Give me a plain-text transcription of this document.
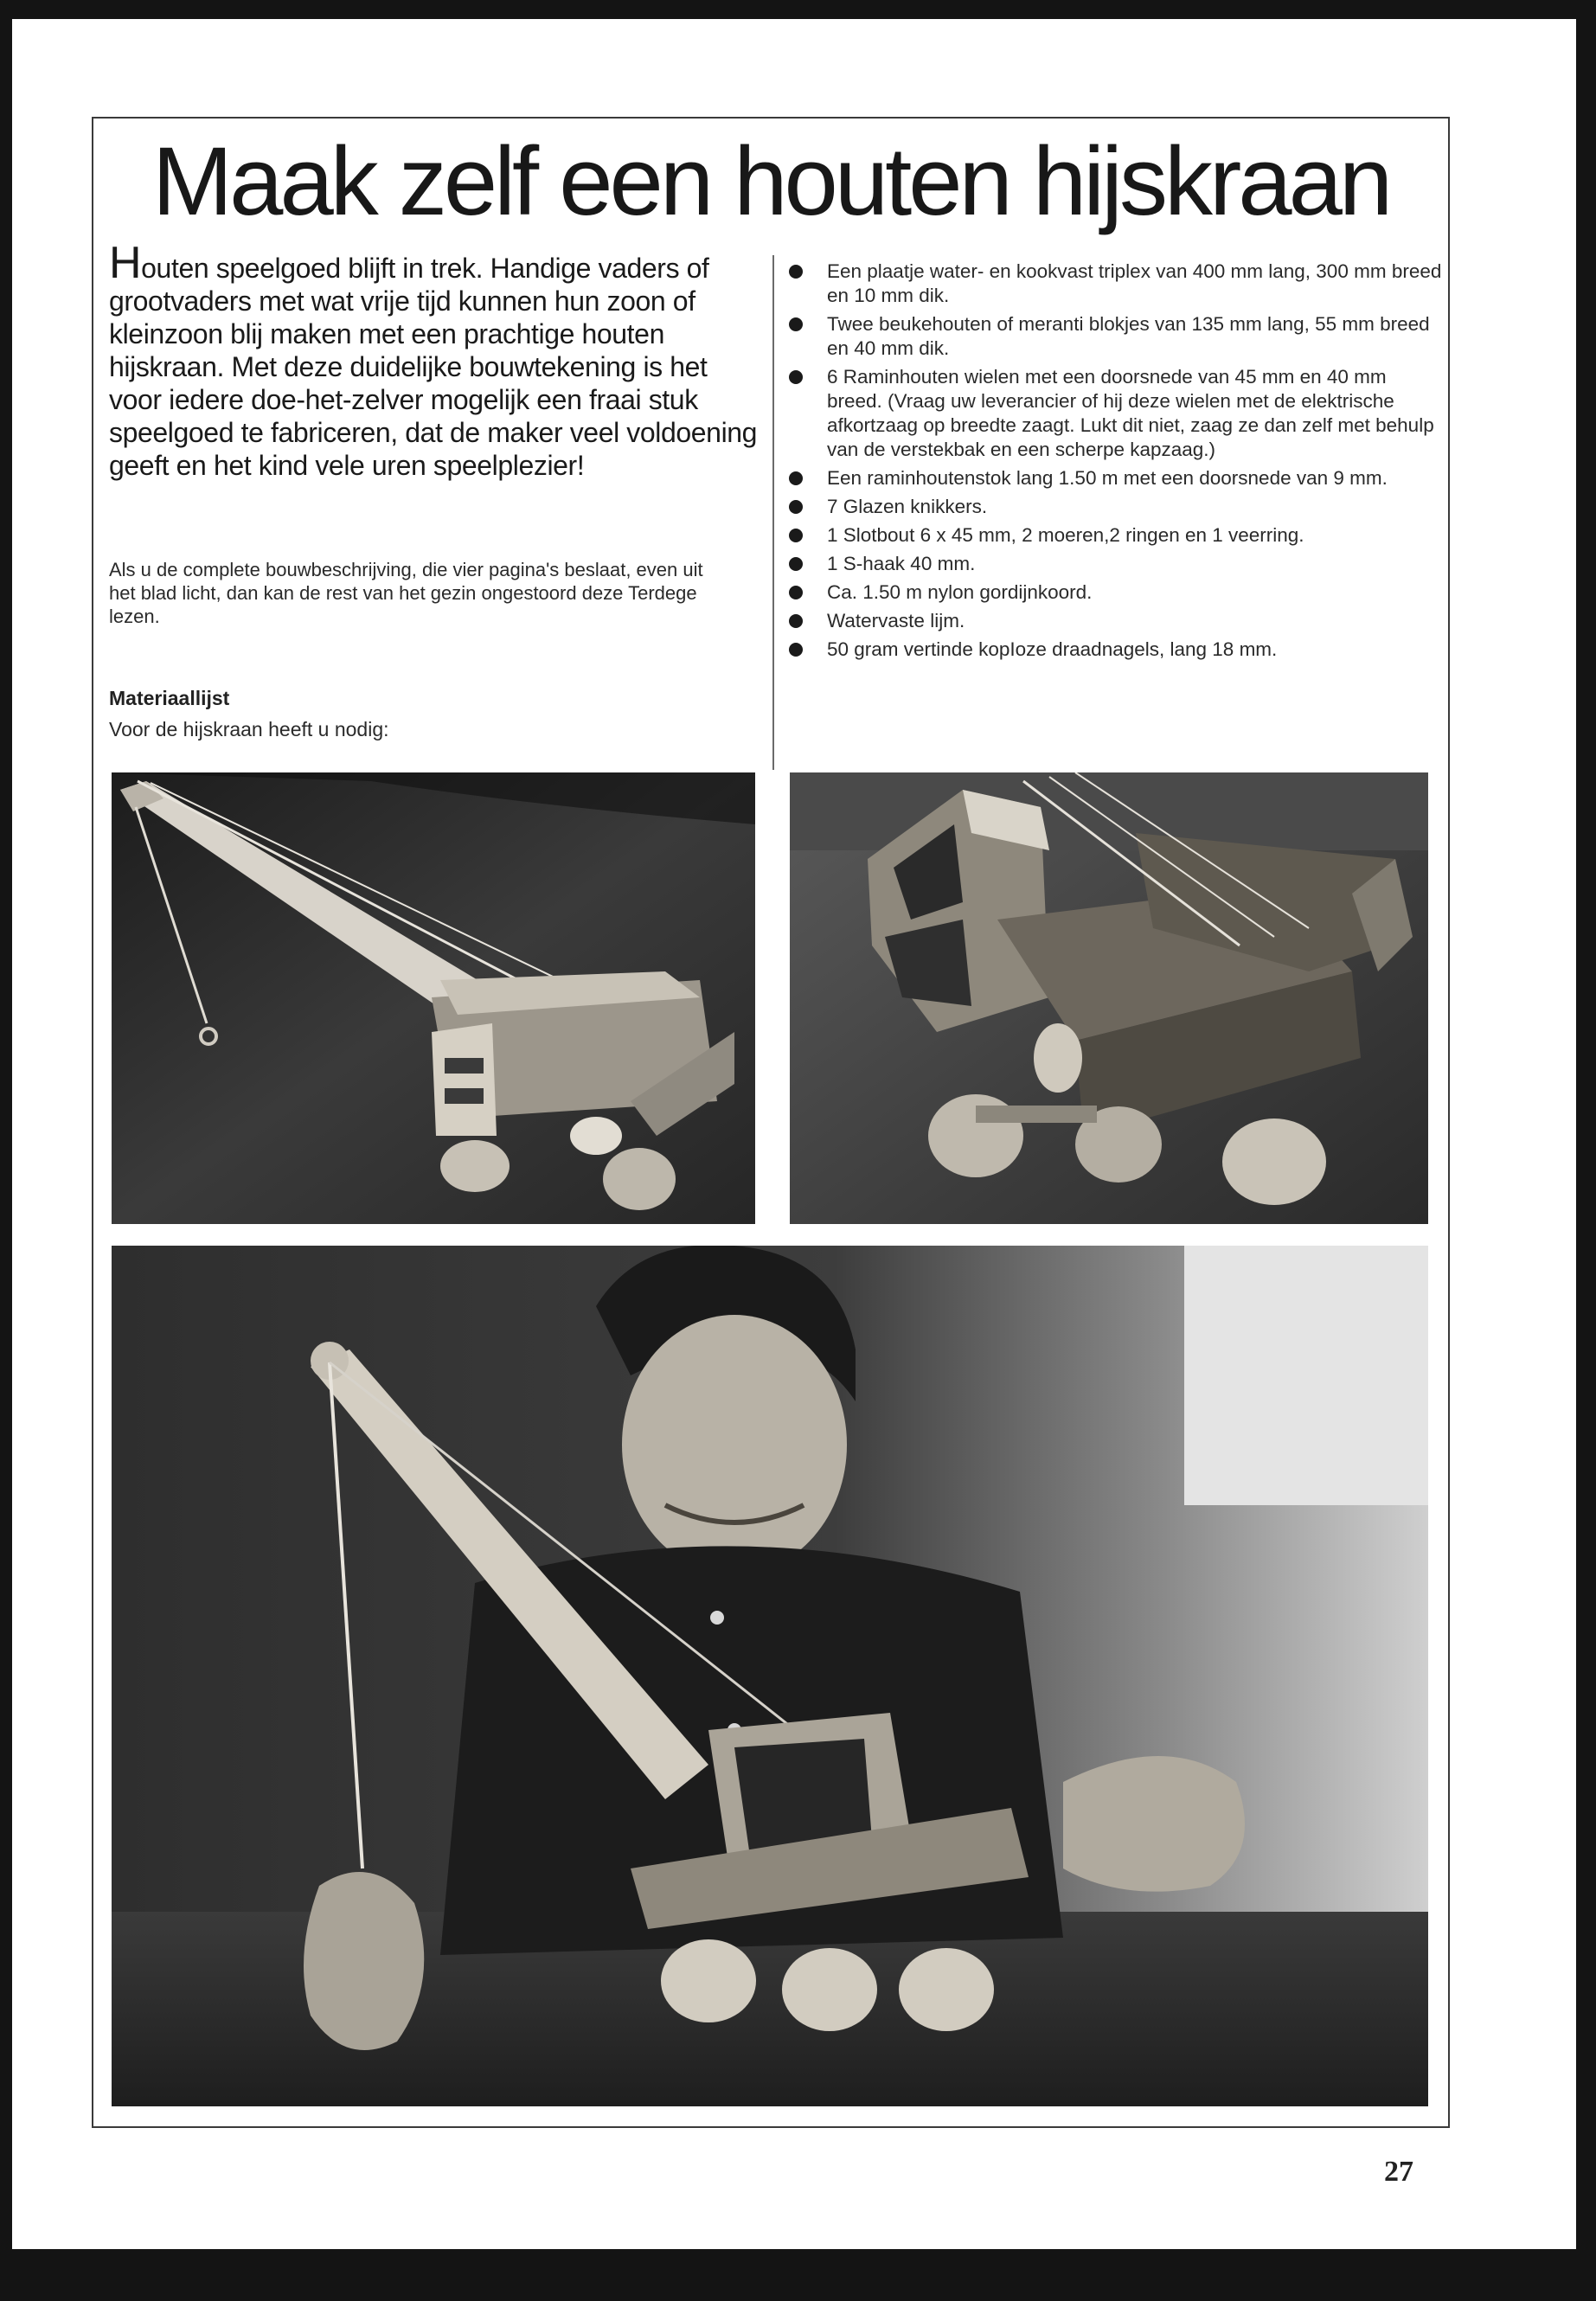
Maak zelf een houten hijskraan

Houten speelgoed blijft in trek. Handige vaders of grootvaders met wat vrije tijd kunnen hun zoon of kleinzoon blij maken met een prachtige houten hijskraan. Met deze duidelijke bouwtekening is het voor iedere doe-het-zelver mogelijk een fraai stuk speelgoed te fabriceren, dat de maker veel voldoening geeft en het kind vele uren speelplezier!

Als u de complete bouwbeschrijving, die vier pagina's beslaat, even uit het blad licht, dan kan de rest van het gezin ongestoord deze Terdege lezen.

Materiaallijst

Voor de hijskraan heeft u nodig:

Een plaatje water- en kookvast triplex van 400 mm lang, 300 mm breed en 10 mm dik.
Twee beukehouten of meranti blokjes van 135 mm lang, 55 mm breed en 40 mm dik.
6 Raminhouten wielen met een doorsnede van 45 mm en 40 mm breed. (Vraag uw leverancier of hij deze wielen met de elektrische afkortzaag op breedte zaagt. Lukt dit niet, zaag ze dan zelf met behulp van de verstekbak en een scherpe kapzaag.)
Een raminhoutenstok lang 1.50 m met een doorsnede van 9 mm.
7 Glazen knikkers.
1 Slotbout 6 x 45 mm, 2 moeren,2 ringen en 1 veerring.
1 S-haak 40 mm.
Ca. 1.50 m nylon gordijnkoord.
Watervaste lijm.
50 gram vertinde kopIoze draadnagels, lang 18 mm.

27
